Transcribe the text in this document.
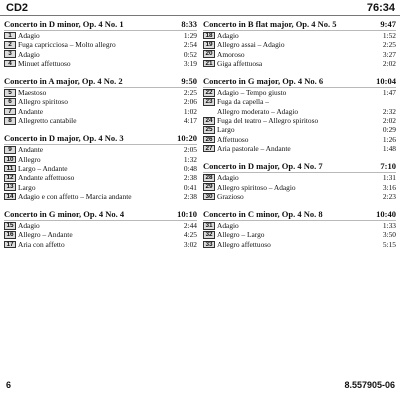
CD2	76:34
Concerto in D minor, Op. 4 No. 1	8:33
1 Adagio	1:29
2 Fuga capricciosa – Molto allegro	2:54
3 Adagio	0:52
4 Minuet affettuoso	3:19
Concerto in A major, Op. 4 No. 2	9:50
5 Maestoso	2:25
6 Allegro spiritoso	2:06
7 Andante	1:02
8 Allegretto cantabile	4:17
Concerto in D major, Op. 4 No. 3	10:20
9 Andante	2:05
10 Allegro	1:32
11 Largo – Andante	0:48
12 Andante affettuoso	2:38
13 Largo	0:41
14 Adagio e con affetto – Marcia andante	2:38
Concerto in G minor, Op. 4 No. 4	10:10
15 Adagio	2:44
16 Allegro – Andante	4:25
17 Aria con affetto	3:02
Concerto in B flat major, Op. 4 No. 5	9:47
18 Adagio	1:52
19 Allegro assai – Adagio	2:25
20 Amoroso	3:27
21 Giga affettuosa	2:02
Concerto in G major, Op. 4 No. 6	10:04
22 Adagio – Tempo giusto	1:47
23 Fuga da capella –
Allegro moderato – Adagio	2:32
24 Fuga del teatro – Allegro spiritoso	2:02
25 Largo	0:29
26 Affettuoso	1:26
27 Aria pastorale – Andante	1:48
Concerto in D major, Op. 4 No. 7	7:10
28 Adagio	1:31
29 Allegro spiritoso – Adagio	3:16
30 Grazioso	2:23
Concerto in C minor, Op. 4 No. 8	10:40
31 Adagio	1:33
32 Allegro – Largo	3:50
33 Allegro affettuoso	5:15
6	8.557905-06
